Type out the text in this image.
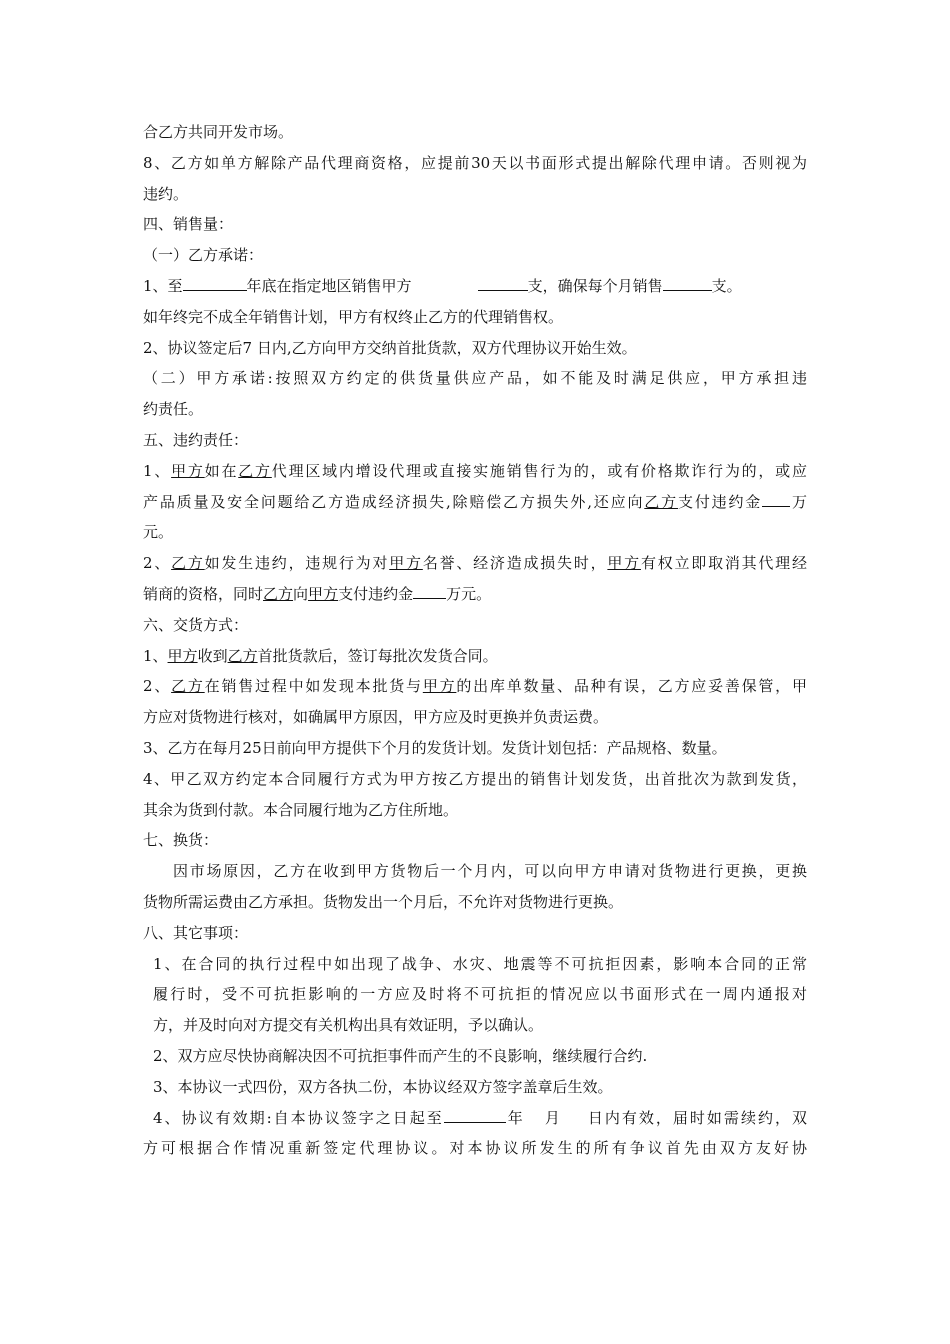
合乙方共同开发市场。
8、乙方如单方解除产品代理商资格，应提前30天以书面形式提出解除代理申请。否则视为
违约。
四、销售量：
（一）乙方承诺：
1、至	年底在指定地区销售甲方	支，确保每个月销售	支。
如年终完不成全年销售计划，甲方有权终止乙方的代理销售权。
2、协议签定后7 日内,乙方向甲方交纳首批货款，双方代理协议开始生效。
（二）甲方承诺:按照双方约定的供货量供应产品，如不能及时满足供应，甲方承担违
约责任。
五、违约责任：
1、甲方如在乙方代理区域内增设代理或直接实施销售行为的，或有价格欺诈行为的，或应
产品质量及安全问题给乙方造成经济损失,除赔偿乙方损失外,还应向乙方支付违约金 万
元。
2、乙方如发生违约，违规行为对甲方名誉、经济造成损失时，甲方有权立即取消其代理经
销商的资格，同时乙方向甲方支付违约金 万元。
六、交货方式：
1、甲方收到乙方首批货款后，签订每批次发货合同。
2、乙方在销售过程中如发现本批货与甲方的出库单数量、品种有误，乙方应妥善保管，甲
方应对货物进行核对，如确属甲方原因，甲方应及时更换并负责运费。
3、乙方在每月25日前向甲方提供下个月的发货计划。发货计划包括：产品规格、数量。
4、甲乙双方约定本合同履行方式为甲方按乙方提出的销售计划发货，出首批次为款到发货，
其余为货到付款。本合同履行地为乙方住所地。
七、换货：
因市场原因，乙方在收到甲方货物后一个月内，可以向甲方申请对货物进行更换，更换
货物所需运费由乙方承担。货物发出一个月后，不允许对货物进行更换。
八、其它事项：
1、在合同的执行过程中如出现了战争、水灾、地震等不可抗拒因素，影响本合同的正常
履行时，受不可抗拒影响的一方应及时将不可抗拒的情况应以书面形式在一周内通报对
方，并及时向对方提交有关机构出具有效证明，予以确认。
2、双方应尽快协商解决因不可抗拒事件而产生的不良影响，继续履行合约.
3、本协议一式四份，双方各执二份，本协议经双方签字盖章后生效。
4、协议有效期:自本协议签字之日起至	年 月 日内有效，届时如需续约，双
方可根据合作情况重新签定代理协议。对本协议所发生的所有争议首先由双方友好协
